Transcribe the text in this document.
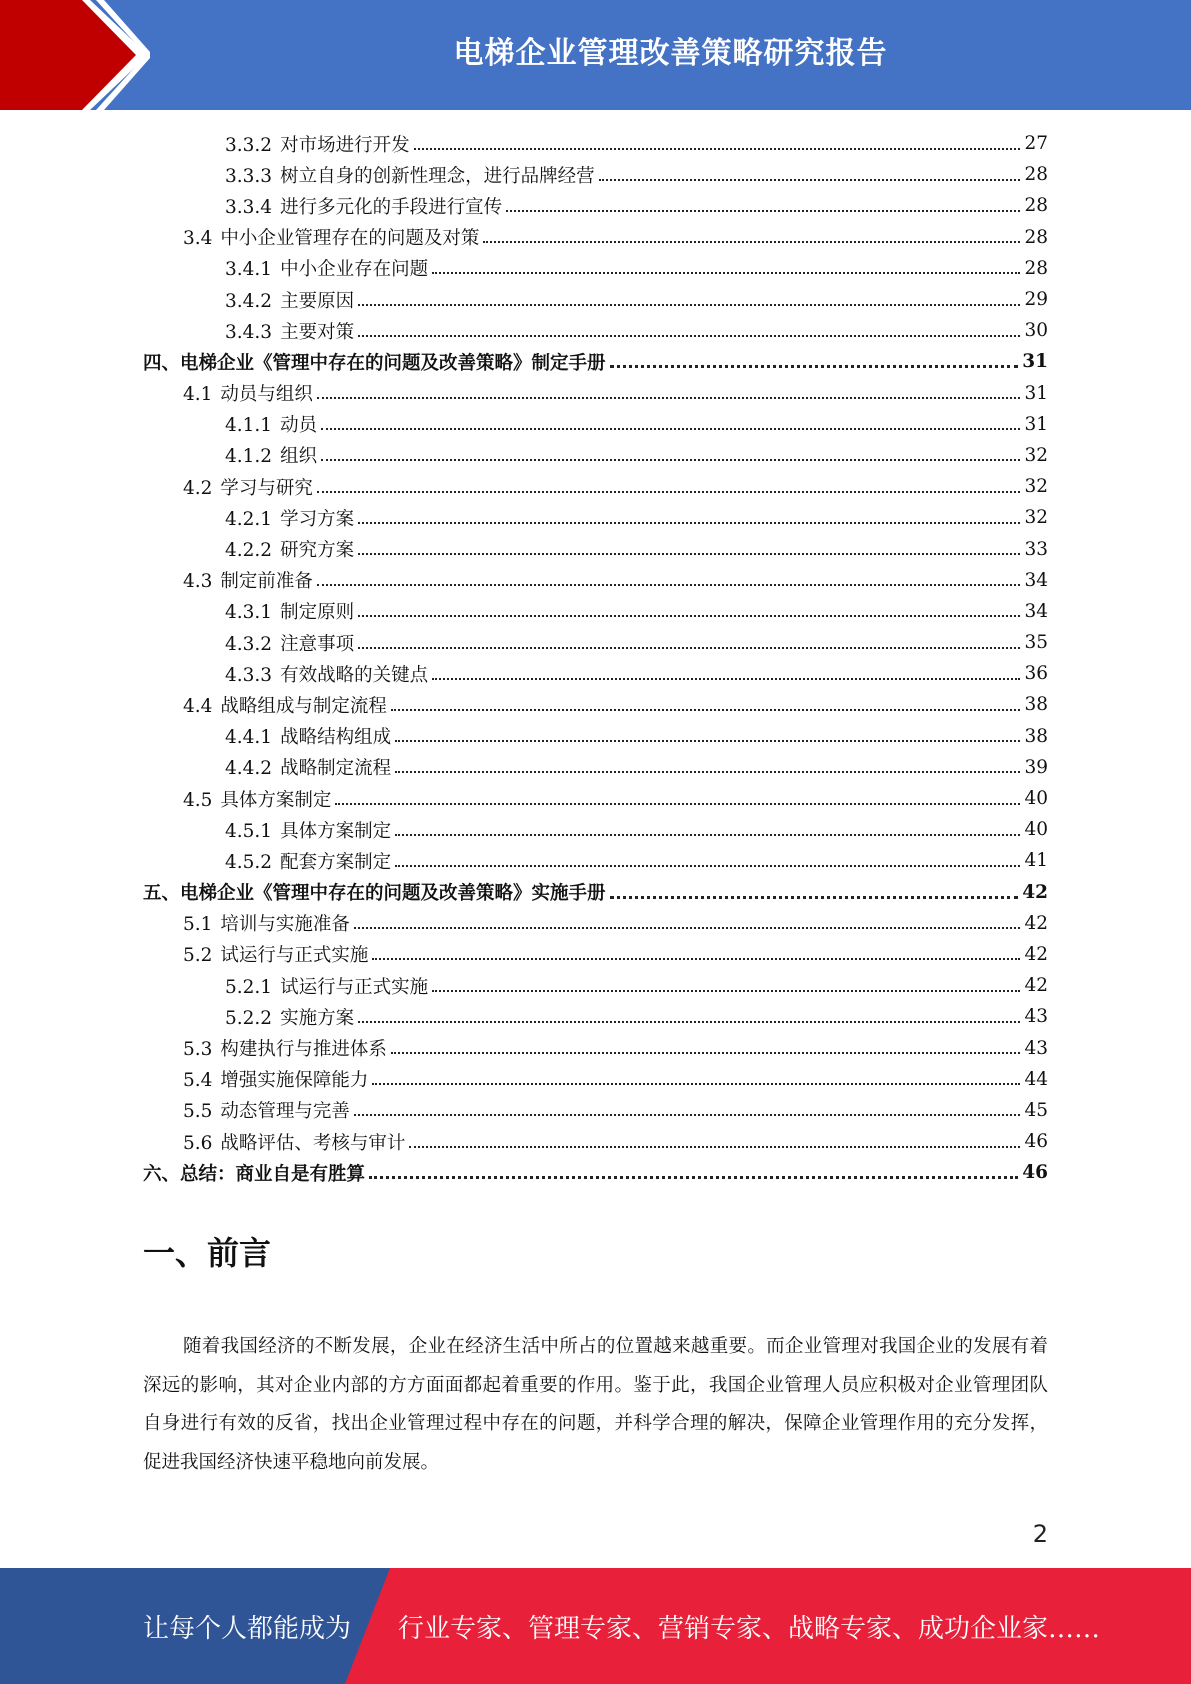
电梯企业管理改善策略研究报告
3.3.2 对市场进行开发	27
3.3.3 树立自身的创新性理念，进行品牌经营	28
3.3.4 进行多元化的手段进行宣传	28
3.4 中小企业管理存在的问题及对策	28
3.4.1 中小企业存在问题	28
3.4.2 主要原因	29
3.4.3 主要对策	30
四、电梯企业《管理中存在的问题及改善策略》制定手册	31
4.1 动员与组织	31
4.1.1 动员	31
4.1.2 组织	32
4.2 学习与研究	32
4.2.1 学习方案	32
4.2.2 研究方案	33
4.3 制定前准备	34
4.3.1 制定原则	34
4.3.2 注意事项	35
4.3.3 有效战略的关键点	36
4.4 战略组成与制定流程	38
4.4.1 战略结构组成	38
4.4.2 战略制定流程	39
4.5 具体方案制定	40
4.5.1 具体方案制定	40
4.5.2 配套方案制定	41
五、电梯企业《管理中存在的问题及改善策略》实施手册	42
5.1 培训与实施准备	42
5.2 试运行与正式实施	42
5.2.1 试运行与正式实施	42
5.2.2 实施方案	43
5.3 构建执行与推进体系	43
5.4 增强实施保障能力	44
5.5 动态管理与完善	45
5.6 战略评估、考核与审计	46
六、总结：商业自是有胜算	46
一、前言
随着我国经济的不断发展，企业在经济生活中所占的位置越来越重要。而企业管理对我国企业的发展有着深远的影响，其对企业内部的方方面面都起着重要的作用。鉴于此，我国企业管理人员应积极对企业管理团队自身进行有效的反省，找出企业管理过程中存在的问题，并科学合理的解决，保障企业管理作用的充分发挥，促进我国经济快速平稳地向前发展。
2
让每个人都能成为 行业专家、管理专家、营销专家、战略专家、成功企业家……
